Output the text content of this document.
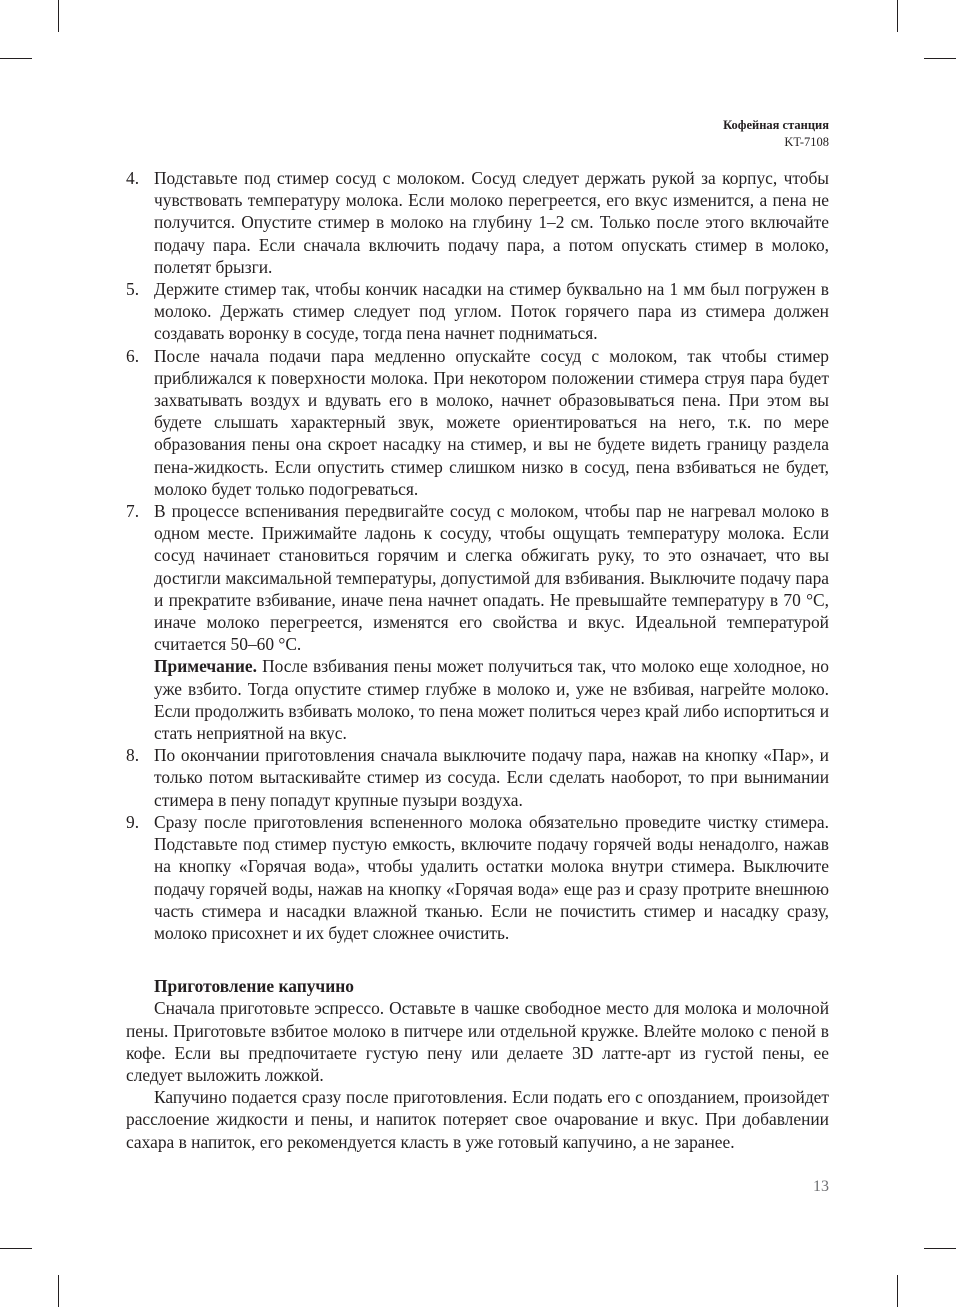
Кофейная станция
KT-7108
4. Подставьте под стимер сосуд с молоком. Сосуд следует держать рукой за корпус, чтобы чувствовать температуру молока. Если молоко перегреется, его вкус изменится, а пена не получится. Опустите стимер в молоко на глубину 1–2 см. Только после этого включайте подачу пара. Если сначала включить подачу пара, а потом опускать стимер в молоко, полетят брызги.
5. Держите стимер так, чтобы кончик насадки на стимер буквально на 1 мм был погружен в молоко. Держать стимер следует под углом. Поток горячего пара из стимера должен создавать воронку в сосуде, тогда пена начнет подниматься.
6. После начала подачи пара медленно опускайте сосуд с молоком, так чтобы стимер приближался к поверхности молока. При некотором положении стимера струя пара будет захватывать воздух и вдувать его в молоко, начнет образовываться пена. При этом вы будете слышать характерный звук, можете ориентироваться на него, т.к. по мере образования пены она скроет насадку на стимер, и вы не будете видеть границу раздела пена-жидкость. Если опустить стимер слишком низко в сосуд, пена взбиваться не будет, молоко будет только подогреваться.
7. В процессе вспенивания передвигайте сосуд с молоком, чтобы пар не нагревал молоко в одном месте. Прижимайте ладонь к сосуду, чтобы ощущать температуру молока. Если сосуд начинает становиться горячим и слегка обжигать руку, то это означает, что вы достигли максимальной температуры, допустимой для взбивания. Выключите подачу пара и прекратите взбивание, иначе пена начнет опадать. Не превышайте температуру в 70 °С, иначе молоко перегреется, изменятся его свойства и вкус. Идеальной температурой считается 50–60 °С.
Примечание. После взбивания пены может получиться так, что молоко еще холодное, но уже взбито. Тогда опустите стимер глубже в молоко и, уже не взбивая, нагрейте молоко. Если продолжить взбивать молоко, то пена может политься через край либо испортиться и стать неприятной на вкус.
8. По окончании приготовления сначала выключите подачу пара, нажав на кнопку «Пар», и только потом вытаскивайте стимер из сосуда. Если сделать наоборот, то при вынимании стимера в пену попадут крупные пузыри воздуха.
9. Сразу после приготовления вспененного молока обязательно проведите чистку стимера. Подставьте под стимер пустую емкость, включите подачу горячей воды ненадолго, нажав на кнопку «Горячая вода», чтобы удалить остатки молока внутри стимера. Выключите подачу горячей воды, нажав на кнопку «Горячая вода» еще раз и сразу протрите внешнюю часть стимера и насадки влажной тканью. Если не почистить стимер и насадку сразу, молоко присохнет и их будет сложнее очистить.
Приготовление капучино

Сначала приготовьте эспрессо. Оставьте в чашке свободное место для молока и молочной пены. Приготовьте взбитое молоко в питчере или отдельной кружке. Влейте молоко с пеной в кофе. Если вы предпочитаете густую пену или делаете 3D латте-арт из густой пены, ее следует выложить ложкой.

Капучино подается сразу после приготовления. Если подать его с опозданием, произойдет расслоение жидкости и пены, и напиток потеряет свое очарование и вкус. При добавлении сахара в напиток, его рекомендуется класть в уже готовый капучино, а не заранее.

13
